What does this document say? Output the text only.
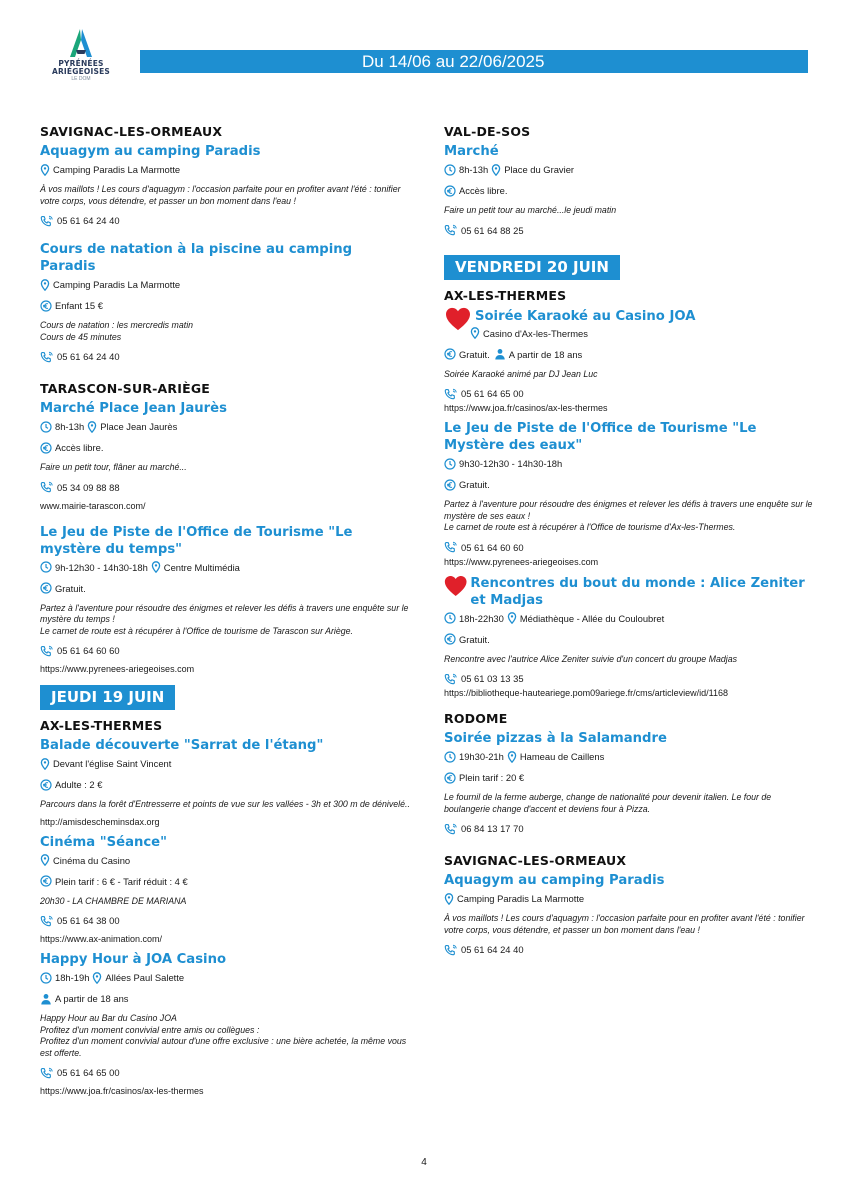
PYRÉNÉES
ARIÉGEOISES
LE DOM
Du 14/06 au 22/06/2025
SAVIGNAC-LES-ORMEAUX
Aquagym au camping Paradis
Camping Paradis La Marmotte
À vos maillots ! Les cours d'aquagym : l'occasion parfaite pour en profiter avant l'été : tonifier votre corps, vous détendre, et passer un bon moment dans l'eau !
05 61 64 24 40
Cours de natation à la piscine au camping Paradis
Camping Paradis La Marmotte
Enfant 15 €
Cours de natation : les mercredis matin
Cours de 45 minutes
05 61 64 24 40
TARASCON-SUR-ARIÈGE
Marché Place Jean Jaurès
8h-13h Place Jean Jaurès
Accès libre.
Faire un petit tour, flâner au marché...
05 34 09 88 88
www.mairie-tarascon.com/
Le Jeu de Piste de l'Office de Tourisme "Le mystère du temps"
9h-12h30 - 14h30-18h Centre Multimédia
Gratuit.
Partez à l'aventure pour résoudre des énigmes et relever les défis à travers une enquête sur le mystère du temps !
Le carnet de route est à récupérer à l'Office de tourisme de Tarascon sur Ariège.
05 61 64 60 60
https://www.pyrenees-ariegeoises.com
JEUDI 19 JUIN
AX-LES-THERMES
Balade découverte "Sarrat de l'étang"
Devant l'église Saint Vincent
Adulte : 2 €
Parcours dans la forêt d'Entresserre et points de vue sur les vallées - 3h et 300 m de dénivelé..
http://amisdescheminsdax.org
Cinéma "Séance"
Cinéma du Casino
Plein tarif : 6 € - Tarif réduit : 4 €
20h30 - LA CHAMBRE DE MARIANA
05 61 64 38 00
https://www.ax-animation.com/
Happy Hour à JOA Casino
18h-19h Allées Paul Salette
A partir de 18 ans
Happy Hour au Bar du Casino JOA
Profitez d'un moment convivial entre amis ou collègues :
Profitez d'un moment convivial autour d'une offre exclusive : une bière achetée, la même vous est offerte.
05 61 64 65 00
https://www.joa.fr/casinos/ax-les-thermes
VAL-DE-SOS
Marché
8h-13h Place du Gravier
Accès libre.
Faire un petit tour au marché...le jeudi matin
05 61 64 88 25
VENDREDI 20 JUIN
AX-LES-THERMES
Soirée Karaoké au Casino JOA
Casino d'Ax-les-Thermes
Gratuit. A partir de 18 ans
Soirée Karaoké animé par DJ Jean Luc
05 61 64 65 00
https://www.joa.fr/casinos/ax-les-thermes
Le Jeu de Piste de l'Office de Tourisme "Le Mystère des eaux"
9h30-12h30 - 14h30-18h
Gratuit.
Partez à l'aventure pour résoudre des énigmes et relever les défis à travers une enquête sur le mystère de ses eaux !
Le carnet de route est à récupérer à l'Office de tourisme d'Ax-les-Thermes.
05 61 64 60 60
https://www.pyrenees-ariegeoises.com
Rencontres du bout du monde : Alice Zeniter et Madjas
18h-22h30 Médiathèque - Allée du Couloubret
Gratuit.
Rencontre avec l'autrice Alice Zeniter suivie d'un concert du groupe Madjas
05 61 03 13 35
https://bibliotheque-hauteariege.pom09ariege.fr/cms/articleview/id/1168
RODOME
Soirée pizzas à la Salamandre
19h30-21h Hameau de Caillens
Plein tarif : 20 €
Le fournil de la ferme auberge, change de nationalité pour devenir italien. Le four de boulangerie change d'accent et deviens four à Pizza.
06 84 13 17 70
SAVIGNAC-LES-ORMEAUX
Aquagym au camping Paradis
Camping Paradis La Marmotte
À vos maillots ! Les cours d'aquagym : l'occasion parfaite pour en profiter avant l'été : tonifier votre corps, vous détendre, et passer un bon moment dans l'eau !
05 61 64 24 40
4
